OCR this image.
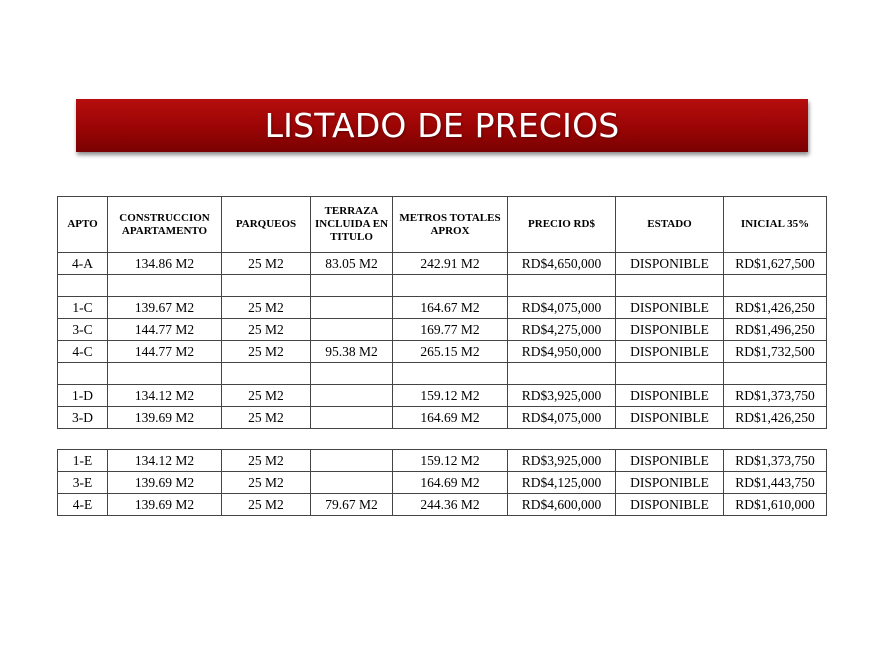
LISTADO DE PRECIOS
APTO	CONSTRUCCION APARTAMENTO	PARQUEOS	TERRAZA INCLUIDA EN TITULO	METROS TOTALES APROX	PRECIO RD$	ESTADO	INICIAL 35%
4-A	134.86 M2	25 M2	83.05 M2	242.91 M2	RD$4,650,000	DISPONIBLE	RD$1,627,500

1-C	139.67 M2	25 M2		164.67 M2	RD$4,075,000	DISPONIBLE	RD$1,426,250
3-C	144.77 M2	25 M2		169.77 M2	RD$4,275,000	DISPONIBLE	RD$1,496,250
4-C	144.77 M2	25 M2	95.38 M2	265.15 M2	RD$4,950,000	DISPONIBLE	RD$1,732,500

1-D	134.12 M2	25 M2		159.12 M2	RD$3,925,000	DISPONIBLE	RD$1,373,750
3-D	139.69 M2	25 M2		164.69 M2	RD$4,075,000	DISPONIBLE	RD$1,426,250

1-E	134.12 M2	25 M2		159.12 M2	RD$3,925,000	DISPONIBLE	RD$1,373,750
3-E	139.69 M2	25 M2		164.69 M2	RD$4,125,000	DISPONIBLE	RD$1,443,750
4-E	139.69 M2	25 M2	79.67 M2	244.36 M2	RD$4,600,000	DISPONIBLE	RD$1,610,000
